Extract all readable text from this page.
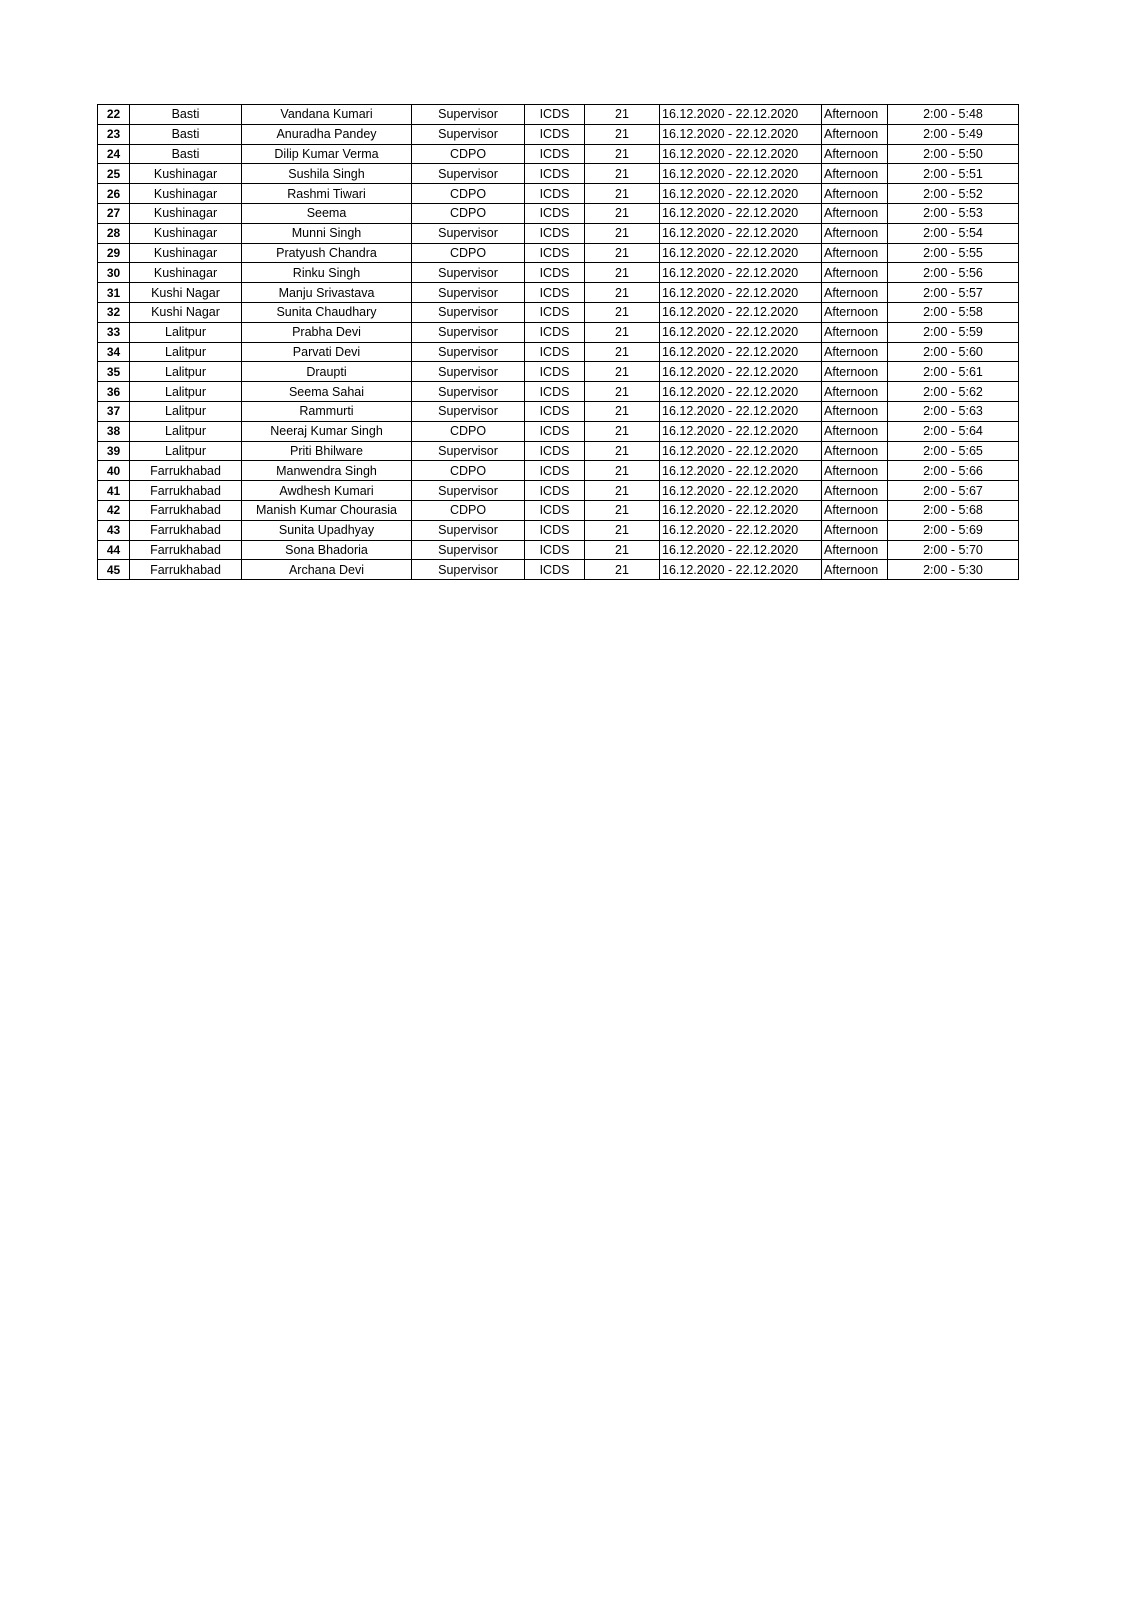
22	Basti	Vandana Kumari	Supervisor	ICDS	21	16.12.2020 - 22.12.2020	Afternoon	2:00 - 5:48
23	Basti	Anuradha Pandey	Supervisor	ICDS	21	16.12.2020 - 22.12.2020	Afternoon	2:00 - 5:49
24	Basti	Dilip Kumar Verma	CDPO	ICDS	21	16.12.2020 - 22.12.2020	Afternoon	2:00 - 5:50
25	Kushinagar	Sushila Singh	Supervisor	ICDS	21	16.12.2020 - 22.12.2020	Afternoon	2:00 - 5:51
26	Kushinagar	Rashmi Tiwari	CDPO	ICDS	21	16.12.2020 - 22.12.2020	Afternoon	2:00 - 5:52
27	Kushinagar	Seema	CDPO	ICDS	21	16.12.2020 - 22.12.2020	Afternoon	2:00 - 5:53
28	Kushinagar	Munni Singh	Supervisor	ICDS	21	16.12.2020 - 22.12.2020	Afternoon	2:00 - 5:54
29	Kushinagar	Pratyush Chandra	CDPO	ICDS	21	16.12.2020 - 22.12.2020	Afternoon	2:00 - 5:55
30	Kushinagar	Rinku Singh	Supervisor	ICDS	21	16.12.2020 - 22.12.2020	Afternoon	2:00 - 5:56
31	Kushi Nagar	Manju Srivastava	Supervisor	ICDS	21	16.12.2020 - 22.12.2020	Afternoon	2:00 - 5:57
32	Kushi Nagar	Sunita Chaudhary	Supervisor	ICDS	21	16.12.2020 - 22.12.2020	Afternoon	2:00 - 5:58
33	Lalitpur	Prabha Devi	Supervisor	ICDS	21	16.12.2020 - 22.12.2020	Afternoon	2:00 - 5:59
34	Lalitpur	Parvati Devi	Supervisor	ICDS	21	16.12.2020 - 22.12.2020	Afternoon	2:00 - 5:60
35	Lalitpur	Draupti	Supervisor	ICDS	21	16.12.2020 - 22.12.2020	Afternoon	2:00 - 5:61
36	Lalitpur	Seema Sahai	Supervisor	ICDS	21	16.12.2020 - 22.12.2020	Afternoon	2:00 - 5:62
37	Lalitpur	Rammurti	Supervisor	ICDS	21	16.12.2020 - 22.12.2020	Afternoon	2:00 - 5:63
38	Lalitpur	Neeraj Kumar Singh	CDPO	ICDS	21	16.12.2020 - 22.12.2020	Afternoon	2:00 - 5:64
39	Lalitpur	Priti Bhilware	Supervisor	ICDS	21	16.12.2020 - 22.12.2020	Afternoon	2:00 - 5:65
40	Farrukhabad	Manwendra Singh	CDPO	ICDS	21	16.12.2020 - 22.12.2020	Afternoon	2:00 - 5:66
41	Farrukhabad	Awdhesh Kumari	Supervisor	ICDS	21	16.12.2020 - 22.12.2020	Afternoon	2:00 - 5:67
42	Farrukhabad	Manish Kumar Chourasia	CDPO	ICDS	21	16.12.2020 - 22.12.2020	Afternoon	2:00 - 5:68
43	Farrukhabad	Sunita Upadhyay	Supervisor	ICDS	21	16.12.2020 - 22.12.2020	Afternoon	2:00 - 5:69
44	Farrukhabad	Sona Bhadoria	Supervisor	ICDS	21	16.12.2020 - 22.12.2020	Afternoon	2:00 - 5:70
45	Farrukhabad	Archana Devi	Supervisor	ICDS	21	16.12.2020 - 22.12.2020	Afternoon	2:00 - 5:30
